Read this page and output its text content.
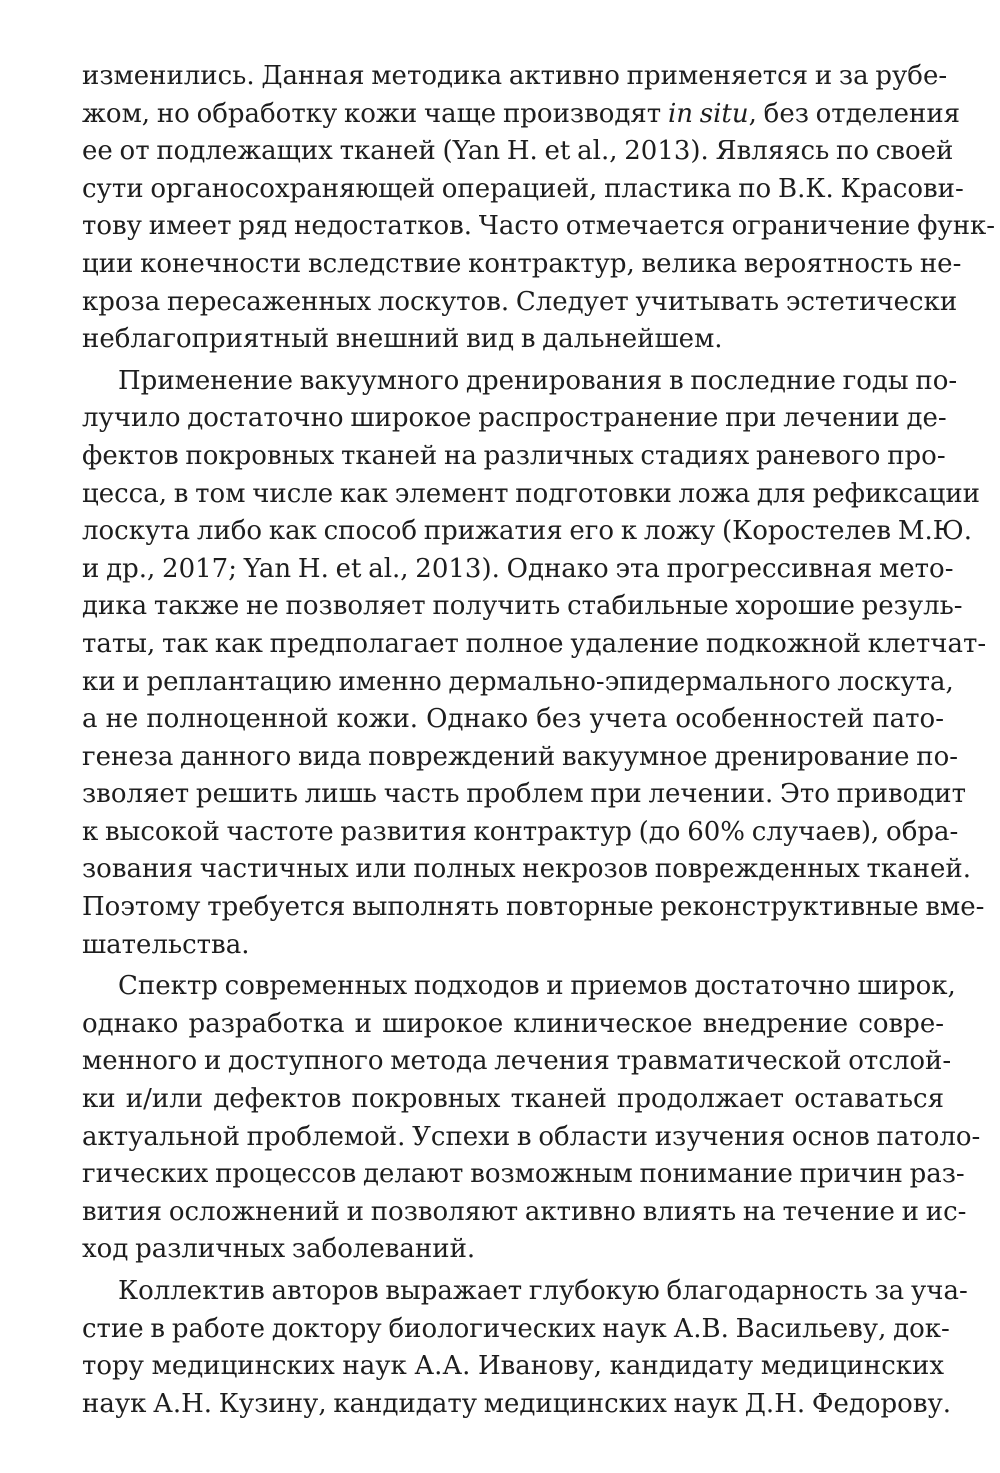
изменились. Данная методика активно применяется и за рубе-
жом, но обработку кожи чаще производят in situ, без отделения
ее от подлежащих тканей (Yan H. et al., 2013). Являясь по своей
сути органосохраняющей операцией, пластика по В.К. Красови-
тову имеет ряд недостатков. Часто отмечается ограничение функ-
ции конечности вследствие контрактур, велика вероятность не-
кроза пересаженных лоскутов. Следует учитывать эстетически
неблагоприятный внешний вид в дальнейшем.
Применение вакуумного дренирования в последние годы по-
лучило достаточно широкое распространение при лечении де-
фектов покровных тканей на различных стадиях раневого про-
цесса, в том числе как элемент подготовки ложа для рефиксации
лоскута либо как способ прижатия его к ложу (Коростелев М.Ю.
и др., 2017; Yan H. et al., 2013). Однако эта прогрессивная мето-
дика также не позволяет получить стабильные хорошие резуль-
таты, так как предполагает полное удаление подкожной клетчат-
ки и реплантацию именно дермально-эпидермального лоскута,
а не полноценной кожи. Однако без учета особенностей пато-
генеза данного вида повреждений вакуумное дренирование по-
зволяет решить лишь часть проблем при лечении. Это приводит
к высокой частоте развития контрактур (до 60% случаев), обра-
зования частичных или полных некрозов поврежденных тканей.
Поэтому требуется выполнять повторные реконструктивные вме-
шательства.
Спектр современных подходов и приемов достаточно широк,
однако разработка и широкое клиническое внедрение совре-
менного и доступного метода лечения травматической отслой-
ки и/или дефектов покровных тканей продолжает оставаться
актуальной проблемой. Успехи в области изучения основ патоло-
гических процессов делают возможным понимание причин раз-
вития осложнений и позволяют активно влиять на течение и ис-
ход различных заболеваний.
Коллектив авторов выражает глубокую благодарность за уча-
стие в работе доктору биологических наук А.В. Васильеву, док-
тору медицинских наук А.А. Иванову, кандидату медицинских
наук А.Н. Кузину, кандидату медицинских наук Д.Н. Федорову.
